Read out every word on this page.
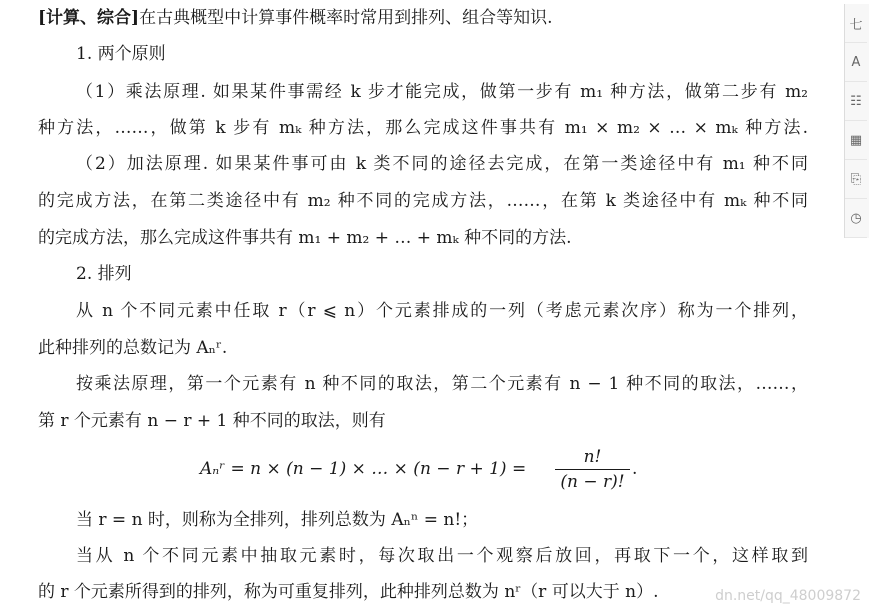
[计算、综合]在古典概型中计算事件概率时常用到排列、组合等知识.
1. 两个原则
（1）乘法原理. 如果某件事需经 k 步才能完成，做第一步有 m₁ 种方法，做第二步有 m₂
种方法，……，做第 k 步有 mₖ 种方法，那么完成这件事共有 m₁ × m₂ × … × mₖ 种方法.
（2）加法原理. 如果某件事可由 k 类不同的途径去完成，在第一类途径中有 m₁ 种不同
的完成方法，在第二类途径中有 m₂ 种不同的完成方法，……，在第 k 类途径中有 mₖ 种不同
的完成方法，那么完成这件事共有 m₁ + m₂ + … + mₖ 种不同的方法.
2. 排列
从 n 个不同元素中任取 r（r ⩽ n）个元素排成的一列（考虑元素次序）称为一个排列，
此种排列的总数记为 Aₙʳ.
按乘法原理，第一个元素有 n 种不同的取法，第二个元素有 n − 1 种不同的取法，……，
第 r 个元素有 n − r + 1 种不同的取法，则有
Aₙʳ = n × (n − 1) × … × (n − r + 1) =
n!
(n − r)!
.
当 r = n 时，则称为全排列，排列总数为 Aₙⁿ = n!；
当从 n 个不同元素中抽取元素时，每次取出一个观察后放回，再取下一个，这样取到
的 r 个元素所得到的排列，称为可重复排列，此种排列总数为 nʳ（r 可以大于 n）.
七
A
☷
▦
⎘
◷
dn.net/qq_48009872
